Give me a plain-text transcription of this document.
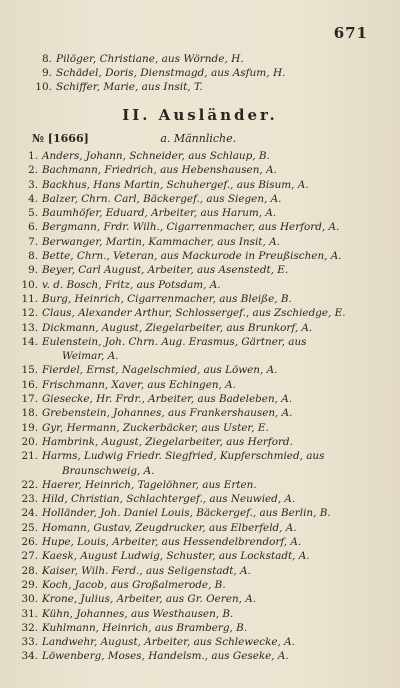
671
8. Pilöger, Christiane, aus Wörnde, H.
9. Schädel, Doris, Dienstmagd, aus Asfum, H.
10. Schiffer, Marie, aus Insit, T.
II. Ausländer.
№ [1666]	a. Männliche.
1. Anders, Johann, Schneider, aus Schlaup, B.
2. Bachmann, Friedrich, aus Hebenshausen, A.
3. Backhus, Hans Martin, Schuhergef., aus Bisum, A.
4. Balzer, Chrn. Carl, Bäckergef., aus Siegen, A.
5. Baumhöfer, Eduard, Arbeiter, aus Harum, A.
6. Bergmann, Frdr. Wilh., Cigarrenmacher, aus Herford, A.
7. Berwanger, Martin, Kammacher, aus Insit, A.
8. Bette, Chrn., Veteran, aus Mackurode in Preußischen, A.
9. Beyer, Carl August, Arbeiter, aus Asenstedt, E.
10. v. d. Bosch, Fritz, aus Potsdam, A.
11. Burg, Heinrich, Cigarrenmacher, aus Bleiße, B.
12. Claus, Alexander Arthur, Schlossergef., aus Zschiedge, E.
13. Dickmann, August, Ziegelarbeiter, aus Brunkorf, A.
14. Eulenstein, Joh. Chrn. Aug. Erasmus, Gärtner, aus
Weimar, A.
15. Fierdel, Ernst, Nagelschmied, aus Löwen, A.
16. Frischmann, Xaver, aus Echingen, A.
17. Giesecke, Hr. Frdr., Arbeiter, aus Badeleben, A.
18. Grebenstein, Johannes, aus Frankershausen, A.
19. Gyr, Hermann, Zuckerbäcker, aus Uster, E.
20. Hambrink, August, Ziegelarbeiter, aus Herford.
21. Harms, Ludwig Friedr. Siegfried, Kupferschmied, aus
Braunschweig, A.
22. Haerer, Heinrich, Tagelöhner, aus Erten.
23. Hild, Christian, Schlachtergef., aus Neuwied, A.
24. Holländer, Joh. Daniel Louis, Bäckergef., aus Berlin, B.
25. Homann, Gustav, Zeugdrucker, aus Elberfeld, A.
26. Hupe, Louis, Arbeiter, aus Hessendelbrendorf, A.
27. Kaesk, August Ludwig, Schuster, aus Lockstadt, A.
28. Kaiser, Wilh. Ferd., aus Seligenstadt, A.
29. Koch, Jacob, aus Großalmerode, B.
30. Krone, Julius, Arbeiter, aus Gr. Oeren, A.
31. Kühn, Johannes, aus Westhausen, B.
32. Kuhlmann, Heinrich, aus Bramberg, B.
33. Landwehr, August, Arbeiter, aus Schlewecke, A.
34. Löwenberg, Moses, Handelsm., aus Geseke, A.
